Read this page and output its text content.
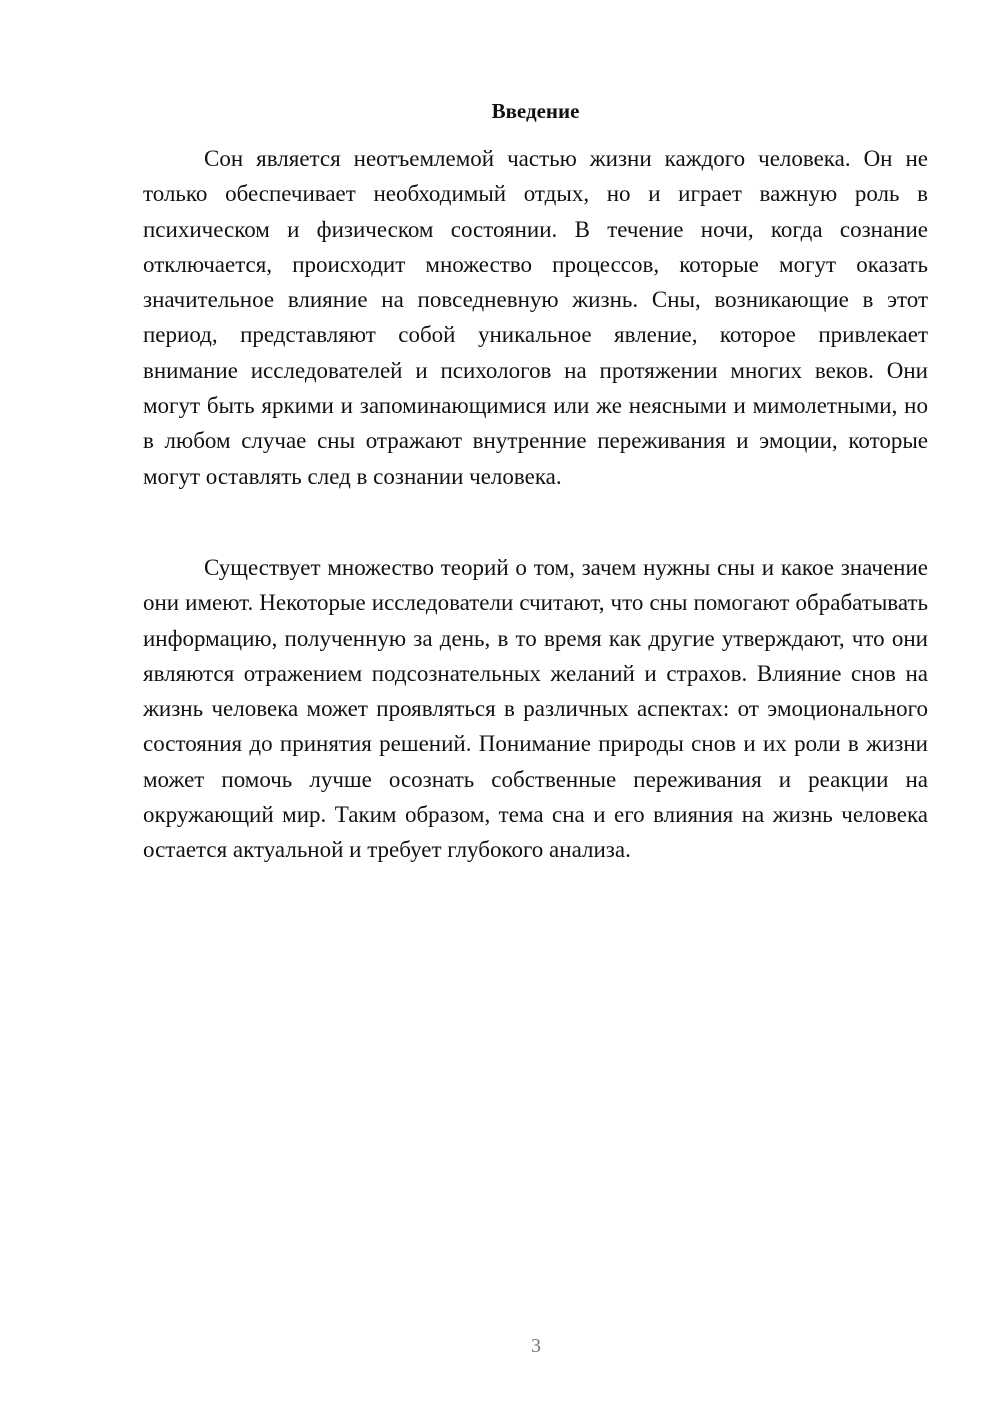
Введение

Сон является неотъемлемой частью жизни каждого человека. Он не только обеспечивает необходимый отдых, но и играет важную роль в психическом и физическом состоянии. В течение ночи, когда сознание отключается, происходит множество процессов, которые могут оказать значительное влияние на повседневную жизнь. Сны, возникающие в этот период, представляют собой уникальное явление, которое привлекает внимание исследователей и психологов на протяжении многих веков. Они могут быть яркими и запоминающимися или же неясными и мимолетными, но в любом случае сны отражают внутренние переживания и эмоции, которые могут оставлять след в сознании человека.

Существует множество теорий о том, зачем нужны сны и какое значение они имеют. Некоторые исследователи считают, что сны помогают обрабатывать информацию, полученную за день, в то время как другие утверждают, что они являются отражением подсознательных желаний и страхов. Влияние снов на жизнь человека может проявляться в различных аспектах: от эмоционального состояния до принятия решений. Понимание природы снов и их роли в жизни может помочь лучше осознать собственные переживания и реакции на окружающий мир. Таким образом, тема сна и его влияния на жизнь человека остается актуальной и требует глубокого анализа.

3
